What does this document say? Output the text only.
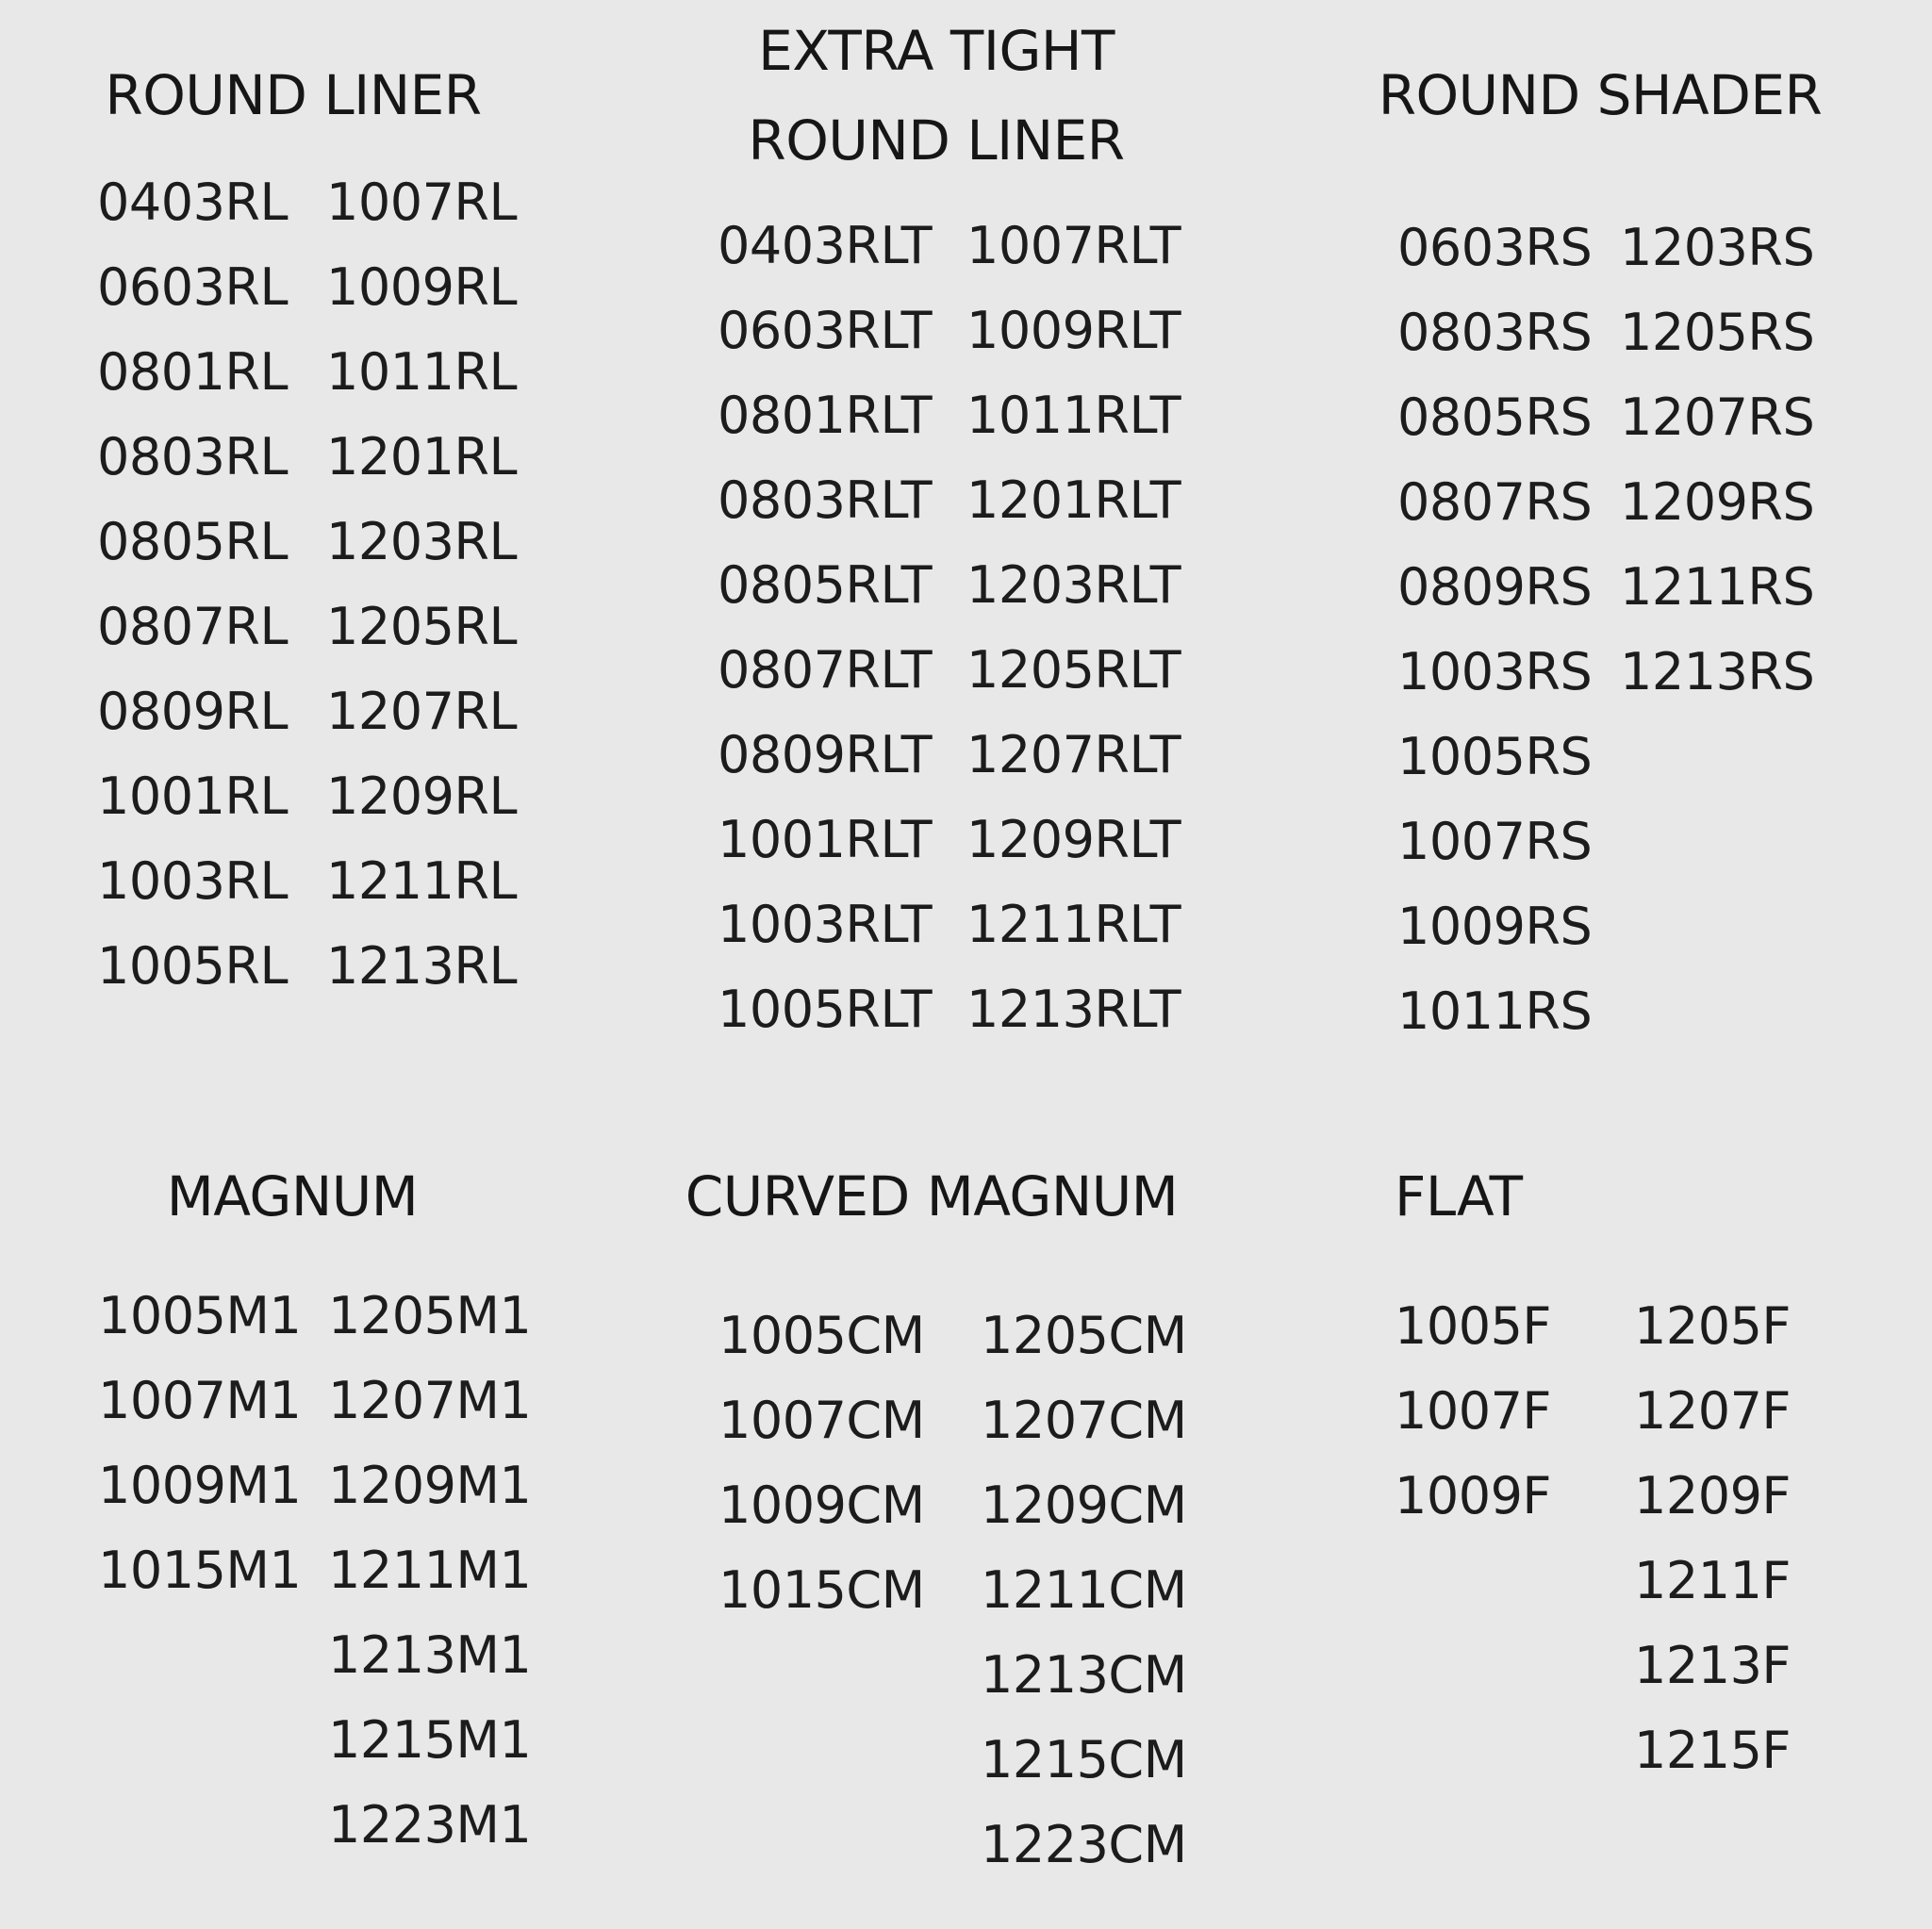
ROUND LINER
0403RL
0603RL
0801RL
0803RL
0805RL
0807RL
0809RL
1001RL
1003RL
1005RL
1007RL
1009RL
1011RL
1201RL
1203RL
1205RL
1207RL
1209RL
1211RL
1213RL
EXTRA TIGHT
ROUND LINER
0403RLT
0603RLT
0801RLT
0803RLT
0805RLT
0807RLT
0809RLT
1001RLT
1003RLT
1005RLT
1007RLT
1009RLT
1011RLT
1201RLT
1203RLT
1205RLT
1207RLT
1209RLT
1211RLT
1213RLT
ROUND SHADER
0603RS
0803RS
0805RS
0807RS
0809RS
1003RS
1005RS
1007RS
1009RS
1011RS
1203RS
1205RS
1207RS
1209RS
1211RS
1213RS
MAGNUM
1005M1
1007M1
1009M1
1015M1
1205M1
1207M1
1209M1
1211M1
1213M1
1215M1
1223M1
CURVED MAGNUM
1005CM
1007CM
1009CM
1015CM
1205CM
1207CM
1209CM
1211CM
1213CM
1215CM
1223CM
FLAT
1005F
1007F
1009F
1205F
1207F
1209F
1211F
1213F
1215F
